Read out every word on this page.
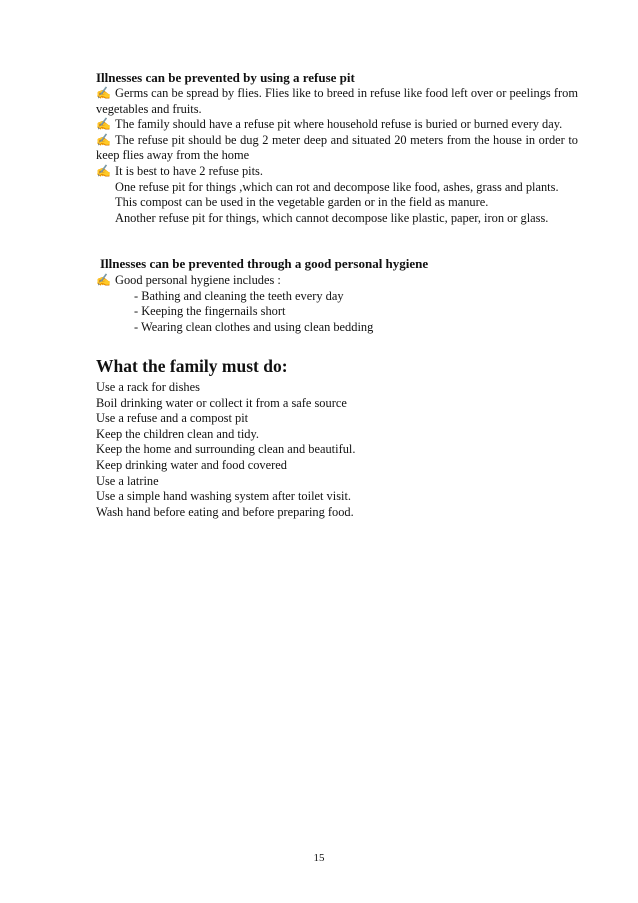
Illnesses can be prevented by using a refuse pit

✍ Germs can be spread by flies. Flies like to breed in refuse like food left over or peelings from vegetables and fruits.

✍ The family should have a refuse pit where household refuse is buried or burned every day.

✍ The refuse pit should be dug 2 meter deep and situated 20 meters from the house in order to keep flies away from the home

✍ It is best to have 2 refuse pits.

One refuse pit for things ,which can rot and decompose like food, ashes, grass and plants.

This compost can be used in the vegetable garden or in the field as manure.

Another refuse pit for things, which cannot decompose like plastic, paper, iron or glass.

Illnesses can be prevented through a good personal hygiene

✍ Good personal hygiene includes :

- Bathing and cleaning the teeth every day

- Keeping the fingernails short

- Wearing clean clothes and using clean bedding

What the family must do:

Use a rack for dishes

Boil drinking water or collect it from a safe source

Use a refuse and a compost pit

Keep the children clean and tidy.

Keep the home and surrounding clean and beautiful.

Keep drinking water and food covered

Use a latrine

Use a simple hand washing system after toilet visit.

Wash hand before eating and before preparing food.

15
